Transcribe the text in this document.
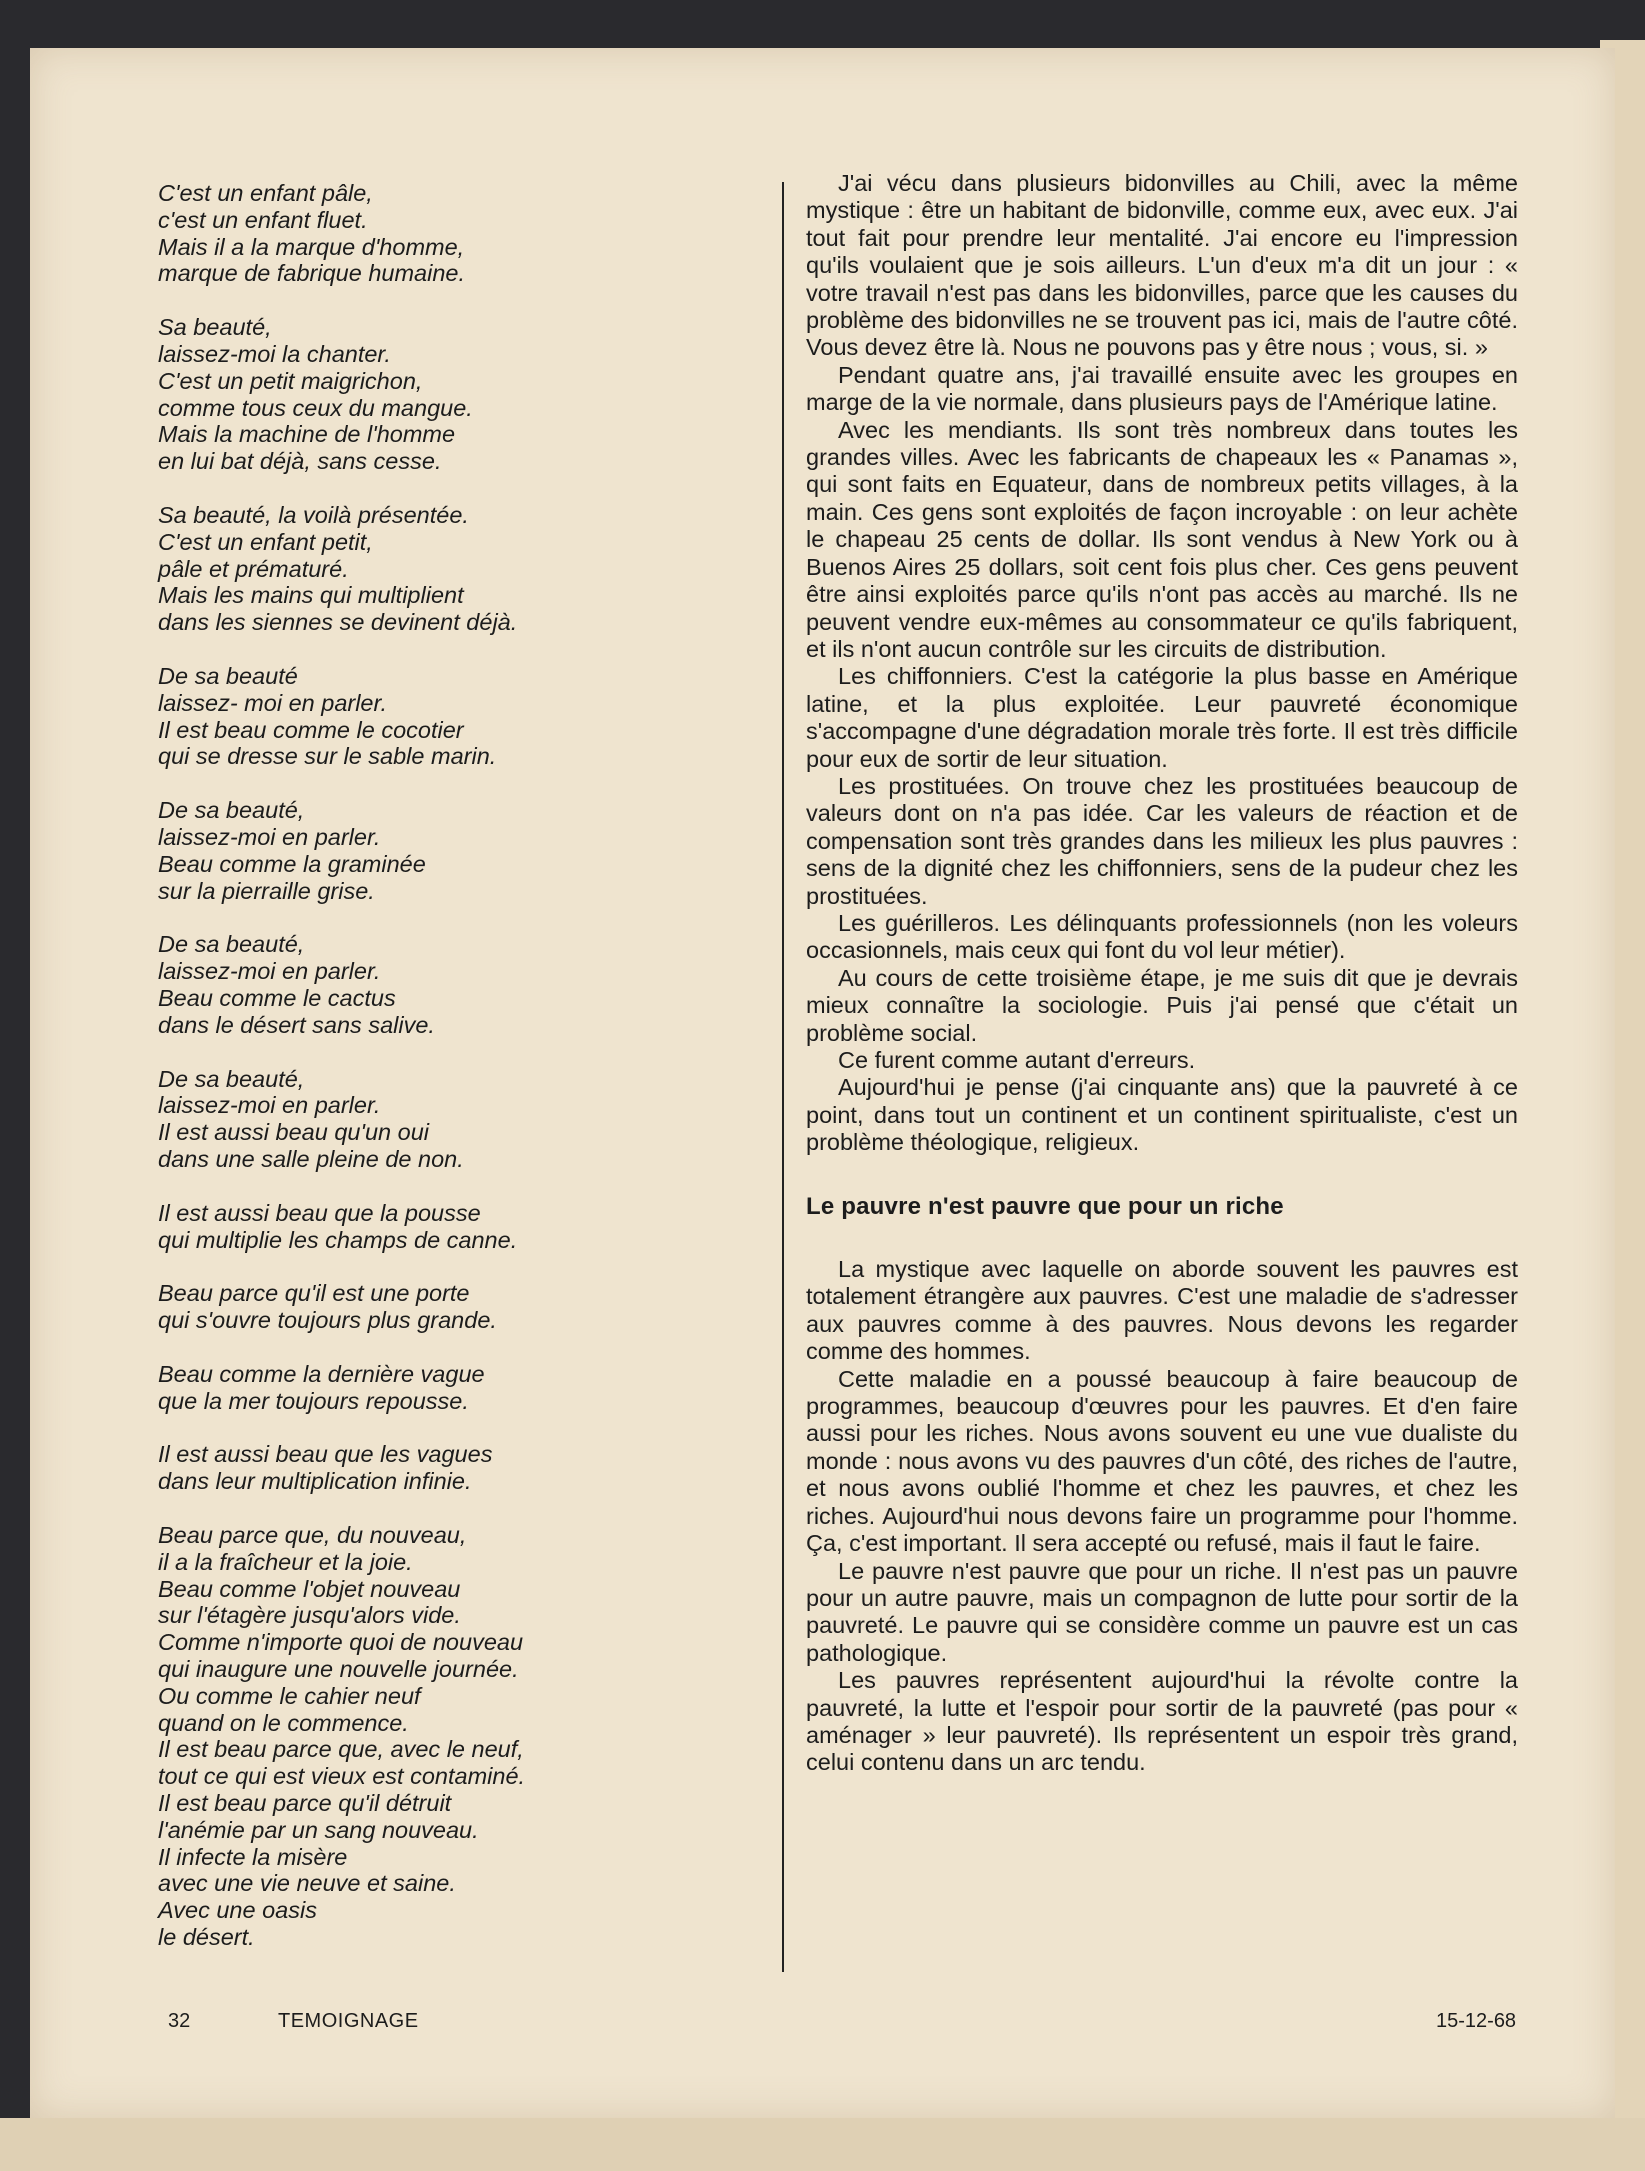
C'est un enfant pâle,
c'est un enfant fluet.
Mais il a la marque d'homme,
marque de fabrique humaine.
Sa beauté,
laissez-moi la chanter.
C'est un petit maigrichon,
comme tous ceux du mangue.
Mais la machine de l'homme
en lui bat déjà, sans cesse.
Sa beauté, la voilà présentée.
C'est un enfant petit,
pâle et prématuré.
Mais les mains qui multiplient
dans les siennes se devinent déjà.
De sa beauté
laissez- moi en parler.
Il est beau comme le cocotier
qui se dresse sur le sable marin.
De sa beauté,
laissez-moi en parler.
Beau comme la graminée
sur la pierraille grise.
De sa beauté,
laissez-moi en parler.
Beau comme le cactus
dans le désert sans salive.
De sa beauté,
laissez-moi en parler.
Il est aussi beau qu'un oui
dans une salle pleine de non.
Il est aussi beau que la pousse
qui multiplie les champs de canne.
Beau parce qu'il est une porte
qui s'ouvre toujours plus grande.
Beau comme la dernière vague
que la mer toujours repousse.
Il est aussi beau que les vagues
dans leur multiplication infinie.
Beau parce que, du nouveau,
il a la fraîcheur et la joie.
Beau comme l'objet nouveau
sur l'étagère jusqu'alors vide.
Comme n'importe quoi de nouveau
qui inaugure une nouvelle journée.
Ou comme le cahier neuf
quand on le commence.
Il est beau parce que, avec le neuf,
tout ce qui est vieux est contaminé.
Il est beau parce qu'il détruit
l'anémie par un sang nouveau.
Il infecte la misère
avec une vie neuve et saine.
Avec une oasis
le désert.

J'ai vécu dans plusieurs bidonvilles au Chili, avec la même mystique : être un habitant de bidonville, comme eux, avec eux. J'ai tout fait pour prendre leur mentalité. J'ai encore eu l'impression qu'ils voulaient que je sois ailleurs. L'un d'eux m'a dit un jour : « votre travail n'est pas dans les bidonvilles, parce que les causes du problème des bidonvilles ne se trouvent pas ici, mais de l'autre côté. Vous devez être là. Nous ne pouvons pas y être nous ; vous, si. »

Pendant quatre ans, j'ai travaillé ensuite avec les groupes en marge de la vie normale, dans plusieurs pays de l'Amérique latine.

Avec les mendiants. Ils sont très nombreux dans toutes les grandes villes. Avec les fabricants de chapeaux les « Panamas », qui sont faits en Equateur, dans de nombreux petits villages, à la main. Ces gens sont exploités de façon incroyable : on leur achète le chapeau 25 cents de dollar. Ils sont vendus à New York ou à Buenos Aires 25 dollars, soit cent fois plus cher. Ces gens peuvent être ainsi exploités parce qu'ils n'ont pas accès au marché. Ils ne peuvent vendre eux-mêmes au consommateur ce qu'ils fabriquent, et ils n'ont aucun contrôle sur les circuits de distribution.

Les chiffonniers. C'est la catégorie la plus basse en Amérique latine, et la plus exploitée. Leur pauvreté économique s'accompagne d'une dégradation morale très forte. Il est très difficile pour eux de sortir de leur situation.

Les prostituées. On trouve chez les prostituées beaucoup de valeurs dont on n'a pas idée. Car les valeurs de réaction et de compensation sont très grandes dans les milieux les plus pauvres : sens de la dignité chez les chiffonniers, sens de la pudeur chez les prostituées.

Les guérilleros. Les délinquants professionnels (non les voleurs occasionnels, mais ceux qui font du vol leur métier).

Au cours de cette troisième étape, je me suis dit que je devrais mieux connaître la sociologie. Puis j'ai pensé que c'était un problème social.

Ce furent comme autant d'erreurs.

Aujourd'hui je pense (j'ai cinquante ans) que la pauvreté à ce point, dans tout un continent et un continent spiritualiste, c'est un problème théologique, religieux.

Le pauvre n'est pauvre que pour un riche

La mystique avec laquelle on aborde souvent les pauvres est totalement étrangère aux pauvres. C'est une maladie de s'adresser aux pauvres comme à des pauvres. Nous devons les regarder comme des hommes.

Cette maladie en a poussé beaucoup à faire beaucoup de programmes, beaucoup d'œuvres pour les pauvres. Et d'en faire aussi pour les riches. Nous avons souvent eu une vue dualiste du monde : nous avons vu des pauvres d'un côté, des riches de l'autre, et nous avons oublié l'homme et chez les pauvres, et chez les riches. Aujourd'hui nous devons faire un programme pour l'homme. Ça, c'est important. Il sera accepté ou refusé, mais il faut le faire.

Le pauvre n'est pauvre que pour un riche. Il n'est pas un pauvre pour un autre pauvre, mais un compagnon de lutte pour sortir de la pauvreté. Le pauvre qui se considère comme un pauvre est un cas pathologique.

Les pauvres représentent aujourd'hui la révolte contre la pauvreté, la lutte et l'espoir pour sortir de la pauvreté (pas pour « aménager » leur pauvreté). Ils représentent un espoir très grand, celui contenu dans un arc tendu.

32	TEMOIGNAGE	15-12-68
